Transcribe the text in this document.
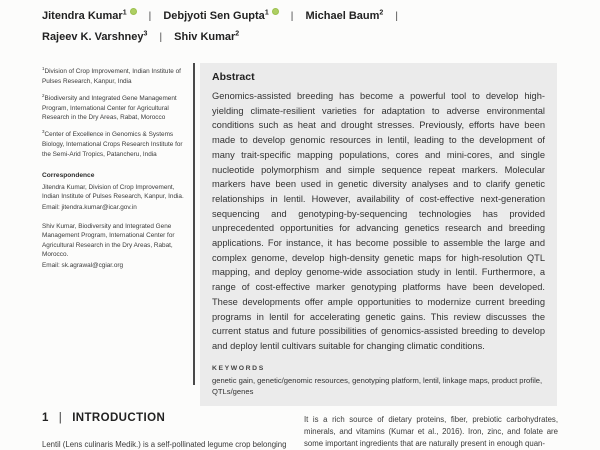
Jitendra Kumar$^1$ | Debjyoti Sen Gupta$^1$ | Michael Baum$^2$ |
Rajeev K. Varshney$^3$ | Shiv Kumar$^2$
$^1$Division of Crop Improvement, Indian Institute of Pulses Research, Kanpur, India
$^2$Biodiversity and Integrated Gene Management Program, International Center for Agricultural Research in the Dry Areas, Rabat, Morocco
$^3$Center of Excellence in Genomics & Systems Biology, International Crops Research Institute for the Semi-Arid Tropics, Patancheru, India
Correspondence
Jitendra Kumar, Division of Crop Improvement, Indian Institute of Pulses Research, Kanpur, India.
Email: jitendra.kumar@icar.gov.in
Shiv Kumar, Biodiversity and Integrated Gene Management Program, International Center for Agricultural Research in the Dry Areas, Rabat, Morocco.
Email: sk.agrawal@cgiar.org
Abstract

Genomics-assisted breeding has become a powerful tool to develop high-yielding climate-resilient varieties for adaptation to adverse environmental conditions such as heat and drought stresses. Previously, efforts have been made to develop genomic resources in lentil, leading to the development of many trait-specific mapping populations, cores and mini-cores, and single nucleotide polymorphism and simple sequence repeat markers. Molecular markers have been used in genetic diversity analyses and to clarify genetic relationships in lentil. However, availability of cost-effective next-generation sequencing and genotyping-by-sequencing technologies has provided unprecedented opportunities for advancing genetics research and breeding applications. For instance, it has become possible to assemble the large and complex genome, develop high-density genetic maps for high-resolution QTL mapping, and deploy genome-wide association study in lentil. Furthermore, a range of cost-effective marker genotyping platforms have been developed. These developments offer ample opportunities to modernize current breeding programs in lentil for accelerating genetic gains. This review discusses the current status and future possibilities of genomics-assisted breeding to develop and deploy lentil cultivars suitable for changing climatic conditions.

KEYWORDS

genetic gain, genetic/genomic resources, genotyping platform, lentil, linkage maps, product profile, QTLs/genes

1 | INTRODUCTION

Lentil (Lens culinaris Medik.) is a self-pollinated legume crop belonging

It is a rich source of dietary proteins, fiber, prebiotic carbohydrates, minerals, and vitamins (Kumar et al., 2016). Iron, zinc, and folate are some important ingredients that are naturally present in enough quan-
